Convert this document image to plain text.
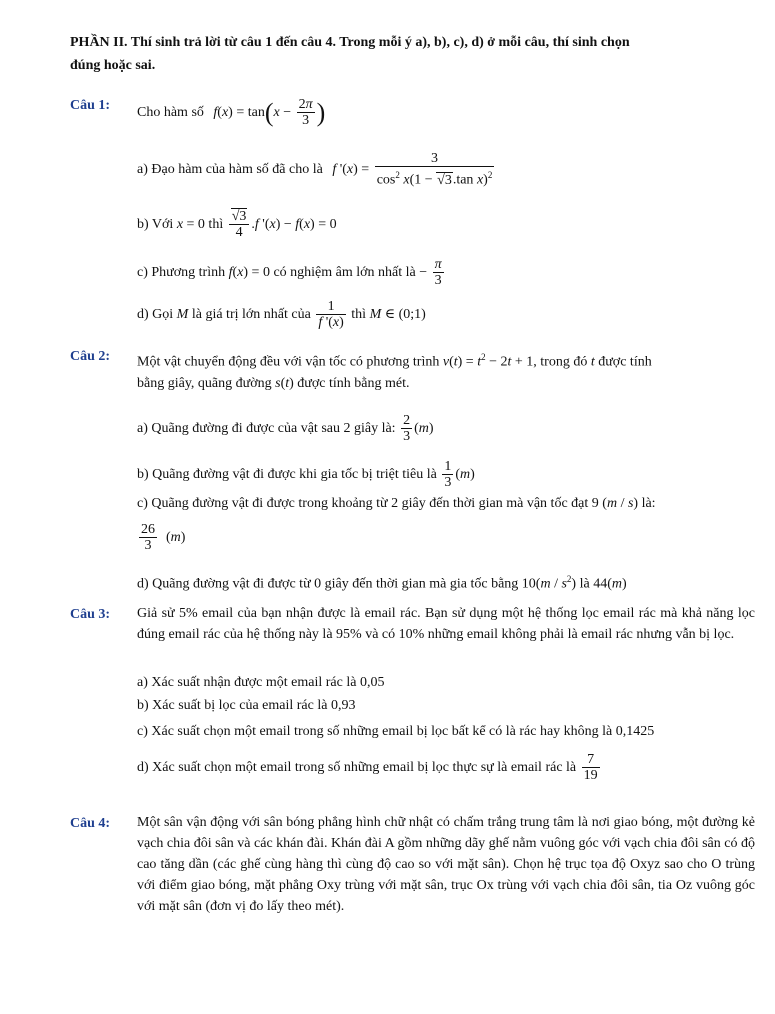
PHẦN II. Thí sinh trả lời từ câu 1 đến câu 4. Trong mỗi ý a), b), c), d) ở mỗi câu, thí sinh chọn
đúng hoặc sai.
Câu 1: Cho hàm số $f(x) = \tan(x - \frac{2\pi}{3}$ )
a) Đạo hàm của hàm số đã cho là f '$(x) = \frac{3}{\cos^2 x(1 - √3.\tan x)^2}$
b) Với x = 0 thì $\frac{√3}{4} .f$ '(x) − f(x) = 0
c) Phương trình f(x) = 0 có nghiệm âm lớn nhất là − $\frac{\pi}{3}$
d) Gọi M là giá trị lớn nhất của $\frac{1}{f '(x)}$ thì M ∈ (0;1)
Câu 2: Một vật chuyển động đều với vận tốc có phương trình $v(t) = t^2 - 2t + 1$, trong đó t được tính
bằng giây, quãng đường s(t) được tính bằng mét.
a) Quãng đường đi được của vật sau 2 giây là: $\frac{2}{3} (m)$
b) Quãng đường vật đi được khi gia tốc bị triệt tiêu là $\frac{1}{3} (m)$
c) Quãng đường vật đi được trong khoảng từ 2 giây đến thời gian mà vận tốc đạt 9 (m / s) là:
$\frac{26}{3} (m)$
d) Quãng đường vật đi được từ 0 giây đến thời gian mà gia tốc bằng $10(m / s^2)$ là 44(m)
Câu 3: Giả sử 5% email của bạn nhận được là email rác. Bạn sử dụng một hệ thống lọc email rác mà khả năng lọc đúng email rác của hệ thống này là 95% và có 10% những email không phải là email rác nhưng vẫn bị lọc.
a) Xác suất nhận được một email rác là 0,05
b) Xác suất bị lọc của email rác là 0,93
c) Xác suất chọn một email trong số những email bị lọc bất kể có là rác hay không là 0,1425
d) Xác suất chọn một email trong số những email bị lọc thực sự là email rác là $\frac{7}{19}$
Câu 4: Một sân vận động với sân bóng phẳng hình chữ nhật có chấm trắng trung tâm là nơi giao bóng, một đường kẻ vạch chia đôi sân và các khán đài. Khán đài A gồm những dãy ghế nằm vuông góc với vạch chia đôi sân có độ cao tăng dần (các ghế cùng hàng thì cùng độ cao so với mặt sân). Chọn hệ trục tọa độ Oxyz sao cho O trùng với điểm giao bóng, mặt phẳng Oxy trùng với mặt sân, trục Ox trùng với vạch chia đôi sân, tia Oz vuông góc với mặt sân (đơn vị đo lấy theo mét).
